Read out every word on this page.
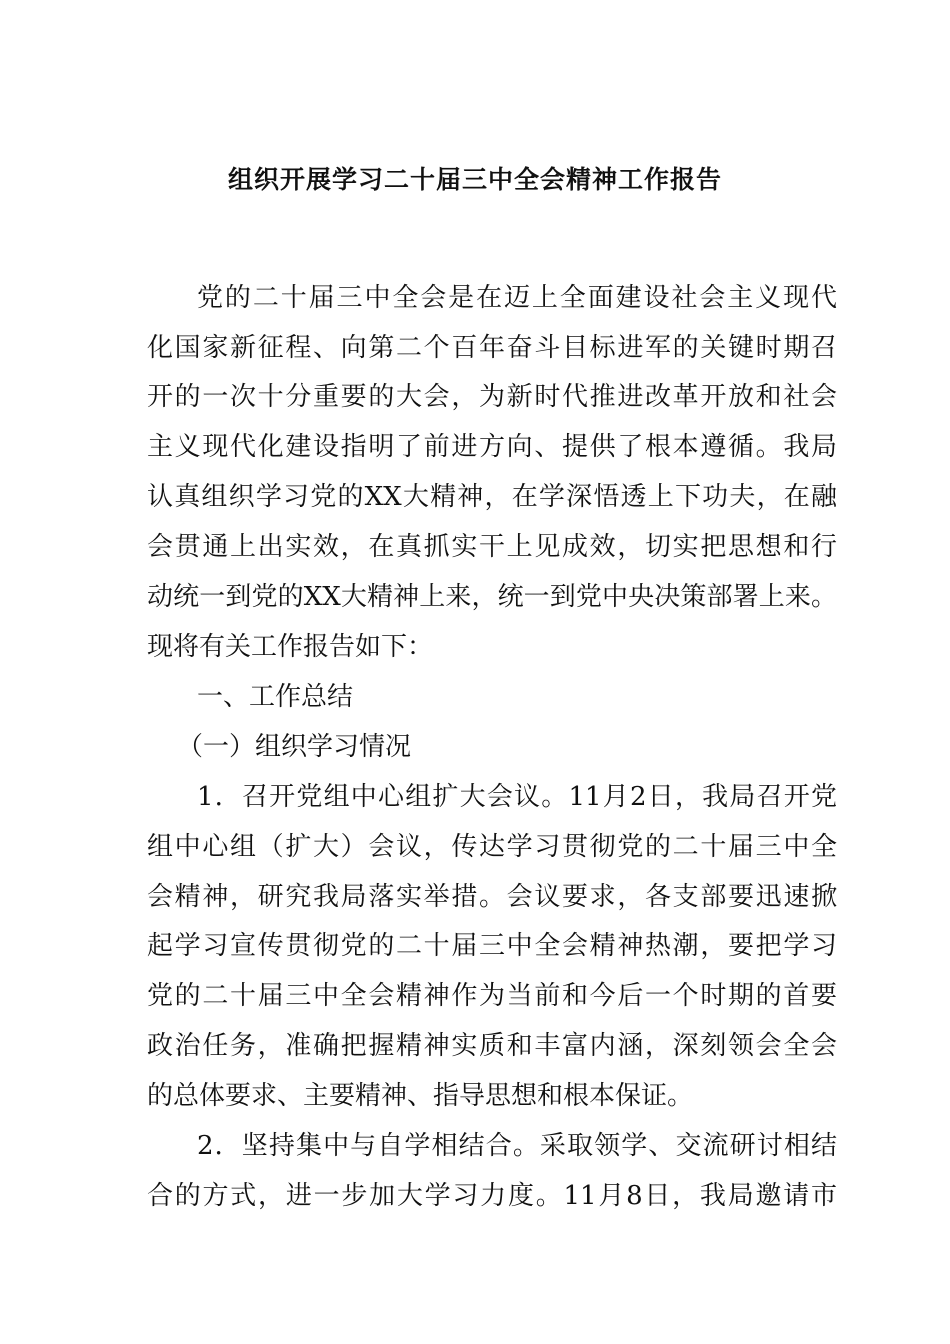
组织开展学习二十届三中全会精神工作报告
党的二十届三中全会是在迈上全面建设社会主义现代
化国家新征程、向第二个百年奋斗目标进军的关键时期召
开的一次十分重要的大会，为新时代推进改革开放和社会
主义现代化建设指明了前进方向、提供了根本遵循。我局
认真组织学习党的XX大精神，在学深悟透上下功夫，在融
会贯通上出实效，在真抓实干上见成效，切实把思想和行
动统一到党的XX大精神上来，统一到党中央决策部署上来。
现将有关工作报告如下：
一、工作总结
（一）组织学习情况
1．召开党组中心组扩大会议。11月2日，我局召开党
组中心组（扩大）会议，传达学习贯彻党的二十届三中全
会精神，研究我局落实举措。会议要求，各支部要迅速掀
起学习宣传贯彻党的二十届三中全会精神热潮，要把学习
党的二十届三中全会精神作为当前和今后一个时期的首要
政治任务，准确把握精神实质和丰富内涵，深刻领会全会
的总体要求、主要精神、指导思想和根本保证。
2．坚持集中与自学相结合。采取领学、交流研讨相结
合的方式，进一步加大学习力度。11月8日，我局邀请市
